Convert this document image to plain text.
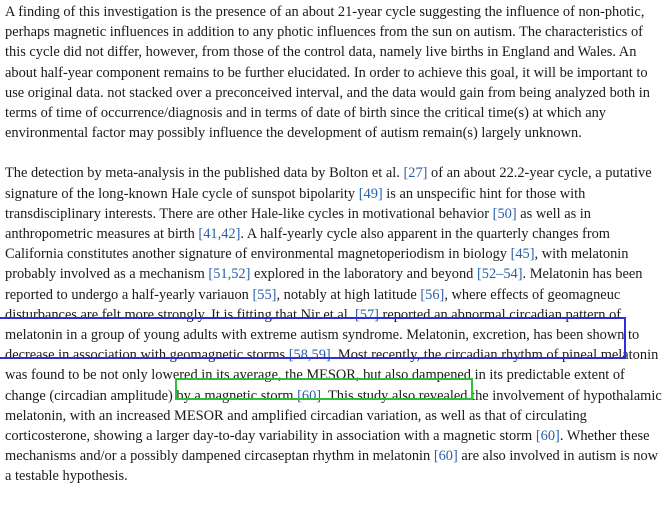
A finding of this investigation is the presence of an about 21-year cycle suggesting the influence of non-photic, perhaps magnetic influences in addition to any photic influences from the sun on autism. The characteristics of this cycle did not differ, however, from those of the control data, namely live births in England and Wales. An about half-year component remains to be further elucidated. In order to achieve this goal, it will be important to use original data. not stacked over a preconceived interval, and the data would gain from being analyzed both in terms of time of occurrence/diagnosis and in terms of date of birth since the critical time(s) at which any environmental factor may possibly influence the development of autism remain(s) largely unknown.

The detection by meta-analysis in the published data by Bolton et al. [27] of an about 22.2-year cycle, a putative signature of the long-known Hale cycle of sunspot bipolarity [49] is an unspecific hint for those with transdisciplinary interests. There are other Hale-like cycles in motivational behavior [50] as well as in anthropometric measures at birth [41,42]. A half-yearly cycle also apparent in the quarterly changes from California constitutes another signature of environmental magnetoperiodism in biology [45], with melatonin probably involved as a mechanism [51,52] explored in the laboratory and beyond [52–54]. Melatonin has been reported to undergo a half-yearly variauon [55], notably at high latitude [56], where effects of geomagneuc disturbances are felt more strongly. It is fitting that Nir et al. [57] reported an abnormal circadian pattern of melatonin in a group of young adults with extreme autism syndrome. Melatonin, excretion, has been shown to decrease in association with geomagnetic storms [58,59]. Most recently, the circadian rhythm of pineal melatonin was found to be not only lowered in its average, the MESOR, but also dampened in its predictable extent of change (circadian amplitude) by a magnetic storm [60]. This study also revealed the involvement of hypothalamic melatonin, with an increased MESOR and amplified circadian variation, as well as that of circulating corticosterone, showing a larger day-to-day variability in association with a magnetic storm [60]. Whether these mechanisms and/or a possibly dampened circaseptan rhythm in melatonin [60] are also involved in autism is now a testable hypothesis.
